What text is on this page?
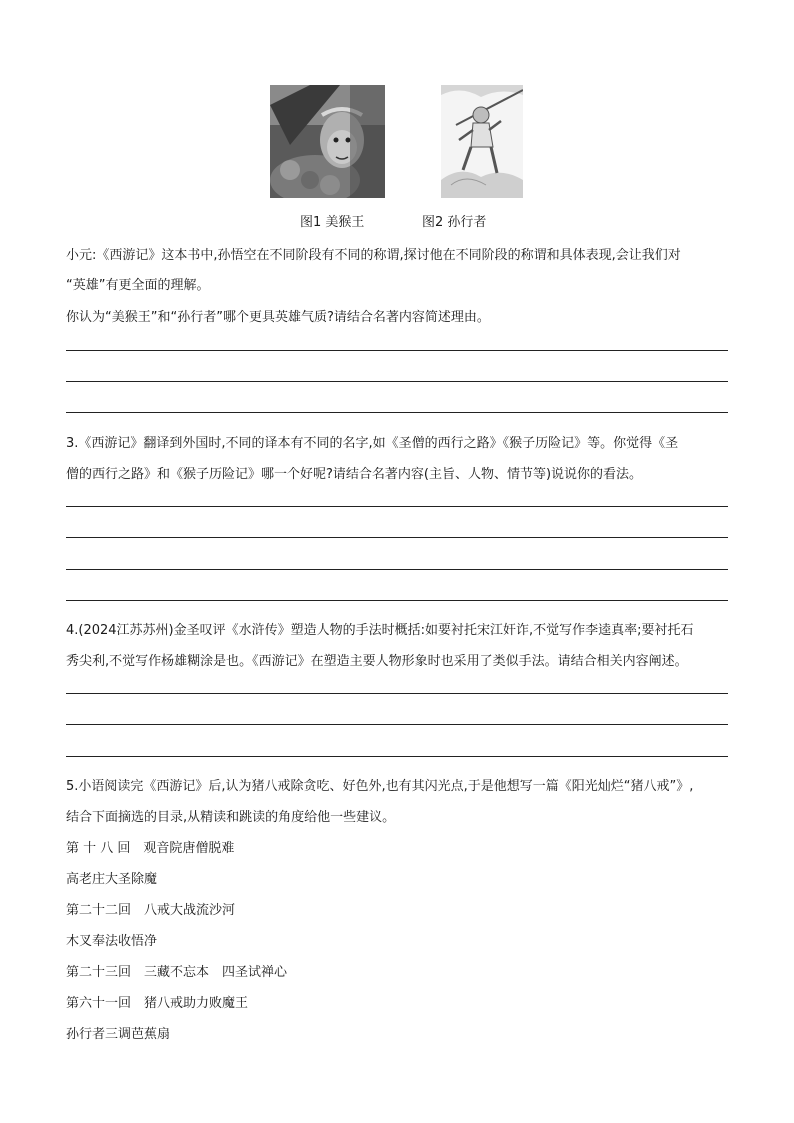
图1 美猴王	图2 孙行者
小元:《西游记》这本书中,孙悟空在不同阶段有不同的称谓,探讨他在不同阶段的称谓和具体表现,会让我们对
“英雄”有更全面的理解。
你认为“美猴王”和“孙行者”哪个更具英雄气质?请结合名著内容简述理由。
3.《西游记》翻译到外国时,不同的译本有不同的名字,如《圣僧的西行之路》《猴子历险记》等。你觉得《圣
僧的西行之路》和《猴子历险记》哪一个好呢?请结合名著内容(主旨、人物、情节等)说说你的看法。
4.(2024江苏苏州)金圣叹评《水浒传》塑造人物的手法时概括:如要衬托宋江奸诈,不觉写作李逵真率;要衬托石
秀尖利,不觉写作杨雄糊涂是也。《西游记》在塑造主要人物形象时也采用了类似手法。请结合相关内容阐述。
5.小语阅读完《西游记》后,认为猪八戒除贪吃、好色外,也有其闪光点,于是他想写一篇《阳光灿烂“猪八戒”》,
结合下面摘选的目录,从精读和跳读的角度给他一些建议。
第 十 八 回　观音院唐僧脱难
高老庄大圣除魔
第二十二回　八戒大战流沙河
木叉奉法收悟净
第二十三回　三藏不忘本　四圣试禅心
第六十一回　猪八戒助力败魔王
孙行者三调芭蕉扇
